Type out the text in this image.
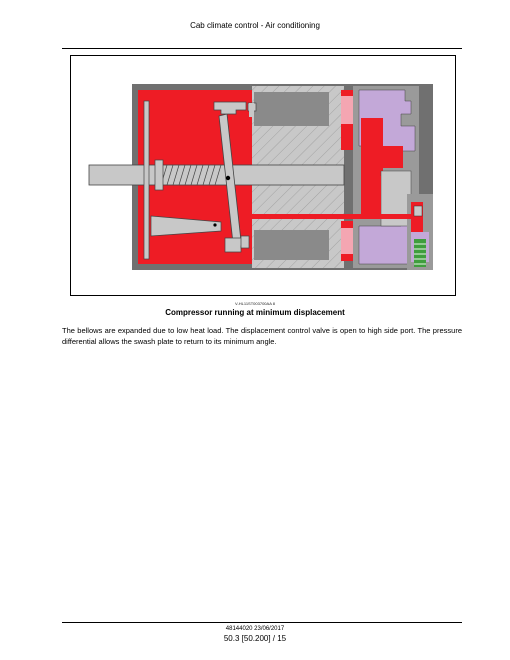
Cab climate control - Air conditioning
V-HL11ST003700AA 8
Compressor running at minimum displacement
The bellows are expanded due to low heat load. The displacement control valve is open to high side port. The pressure differential allows the swash plate to return to its minimum angle.
48144020 23/06/2017
50.3 [50.200] / 15
